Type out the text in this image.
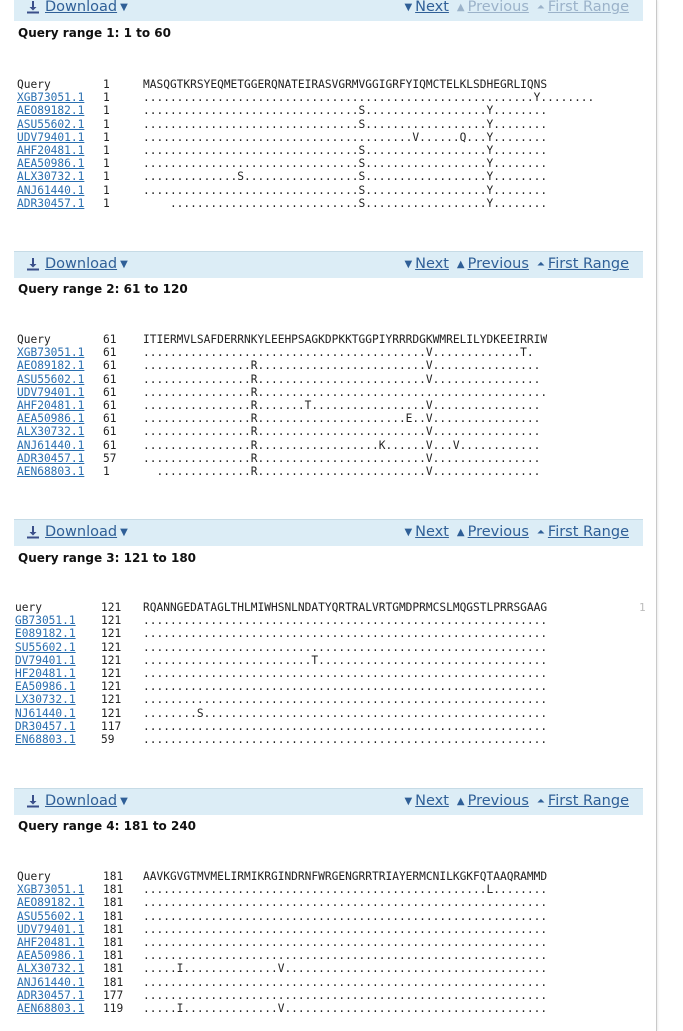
Download ▼	▼ Next ▲ Previous ⏶ First Range
Query range 1: 1 to 60
Query	1	MASQGTKRSYEQMETGGERQNATEIRASVGRMVGGIGRFYIQMCTELKLSDHEGRLIQNS
XGB73051.1 1	..........................................................Y........
AEO89182.1 1	................................S..................Y........
ASU55602.1 1	................................S..................Y........
UDV79401.1 1	........................................V......Q...Y........
AHF20481.1 1	................................S..................Y........
AEA50986.1 1	................................S..................Y........
ALX30732.1 1	..............S.................S..................Y........
ANJ61440.1 1	................................S..................Y........
ADR30457.1 1	............................S..................Y........
Download ▼	▼ Next ▲ Previous ⏶ First Range
Query range 2: 61 to 120
Query	61 ITIERMVLSAFDERRNKYLEEHPSAGKDPKKTGGPIYRRRDGKWMRELILYDKEEIRRIW
XGB73051.1 61 ..........................................V.............T.
AEO89182.1 61 ................R.........................V................
ASU55602.1 61 ................R.........................V................
UDV79401.1 61 ................R...........................................
AHF20481.1 61 ................R.......T.................V................
AEA50986.1 61 ................R......................E..V................
ALX30732.1 61 ................R.........................V................
ANJ61440.1 61 ................R..................K......V...V............
ADR30457.1 57 ................R.........................V................
AEN68803.1 1	..............R.........................V................
Download ▼	▼ Next ▲ Previous ⏶ First Range
Query range 3: 121 to 180
uery	121 RQANNGEDATAGLTHLMIWHSNLNDATYQRTRALVRTGMDPRMCSLMQGSTLPRRSGAAG
GB73051.1 121 ............................................................
E089182.1 121 ............................................................
SU55602.1 121 ............................................................
DV79401.1 121 .........................T..................................
HF20481.1 121 ............................................................
EA50986.1 121 ............................................................
LX30732.1 121 ............................................................
NJ61440.1 121 ........S...................................................
DR30457.1 117 ............................................................
EN68803.1 59	............................................................
1
Download ▼	▼ Next ▲ Previous ⏶ First Range
Query range 4: 181 to 240
Query	181 AAVKGVGTMVMELIRMIKRGINDRNFWRGENGRRTRIAYERMCNILKGKFQTAAQRAMMD
XGB73051.1 181 ...................................................L........
AEO89182.1 181 ............................................................
ASU55602.1 181 ............................................................
UDV79401.1 181 ............................................................
AHF20481.1 181 ............................................................
AEA50986.1 181 ............................................................
ALX30732.1 181 .....I..............V.......................................
ANJ61440.1 181 ............................................................
ADR30457.1 177 ............................................................
AEN68803.1 119 .....I..............V.......................................
